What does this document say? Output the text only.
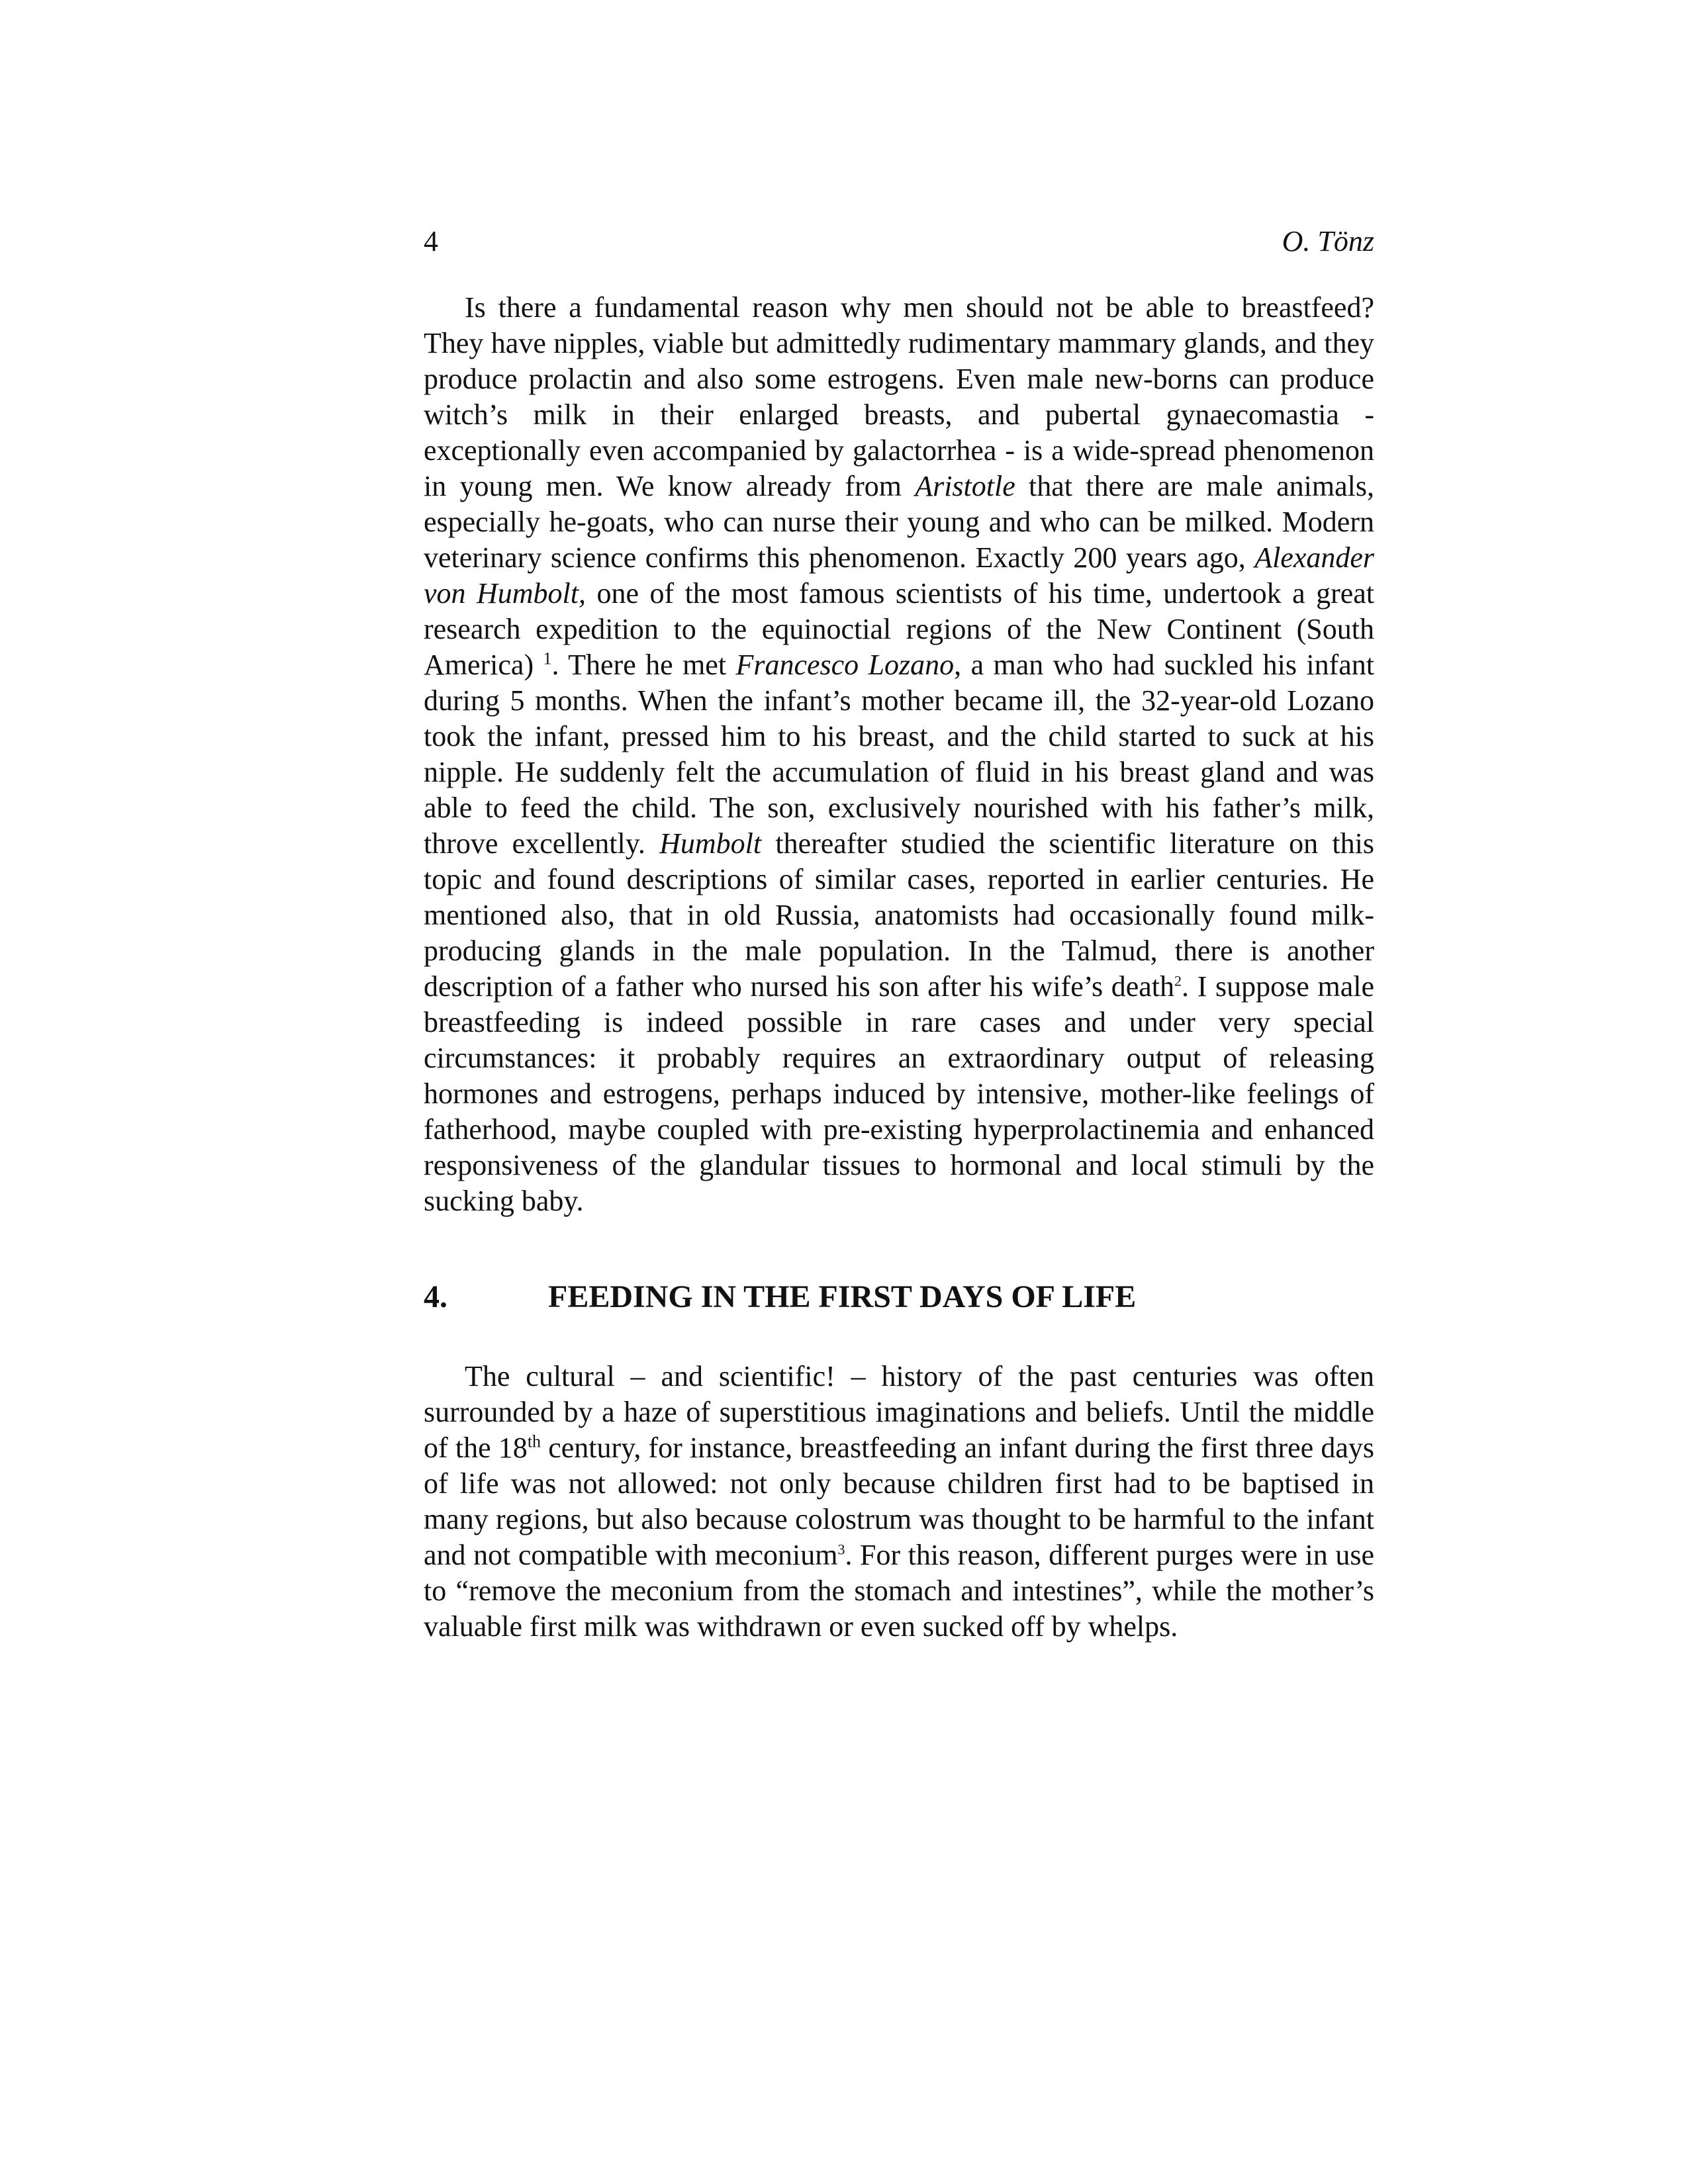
4	O. Tönz

Is there a fundamental reason why men should not be able to breastfeed? They have nipples, viable but admittedly rudimentary mammary glands, and they produce prolactin and also some estrogens. Even male new-borns can produce witch’s milk in their enlarged breasts, and pubertal gynaecomastia - exceptionally even accompanied by galactorrhea - is a wide-spread phenomenon in young men. We know already from Aristotle that there are male animals, especially he-goats, who can nurse their young and who can be milked. Modern veterinary science confirms this phenomenon. Exactly 200 years ago, Alexander von Humbolt, one of the most famous scientists of his time, undertook a great research expedition to the equinoctial regions of the New Continent (South America) $^1$. There he met Francesco Lozano, a man who had suckled his infant during 5 months. When the infant’s mother became ill, the 32-year-old Lozano took the infant, pressed him to his breast, and the child started to suck at his nipple. He suddenly felt the accumulation of fluid in his breast gland and was able to feed the child. The son, exclusively nourished with his father’s milk, throve excellently. Humbolt thereafter studied the scientific literature on this topic and found descriptions of similar cases, reported in earlier centuries. He mentioned also, that in old Russia, anatomists had occasionally found milk-producing glands in the male population. In the Talmud, there is another description of a father who nursed his son after his wife’s death$^2$. I suppose male breastfeeding is indeed possible in rare cases and under very special circumstances: it probably requires an extraordinary output of releasing hormones and estrogens, perhaps induced by intensive, mother-like feelings of fatherhood, maybe coupled with pre-existing hyperprolactinemia and enhanced responsiveness of the glandular tissues to hormonal and local stimuli by the sucking baby.

4.	FEEDING IN THE FIRST DAYS OF LIFE

The cultural – and scientific! – history of the past centuries was often surrounded by a haze of superstitious imaginations and beliefs. Until the middle of the 18th century, for instance, breastfeeding an infant during the first three days of life was not allowed: not only because children first had to be baptised in many regions, but also because colostrum was thought to be harmful to the infant and not compatible with meconium$^3$. For this reason, different purges were in use to “remove the meconium from the stomach and intestines”, while the mother’s valuable first milk was withdrawn or even sucked off by whelps.
